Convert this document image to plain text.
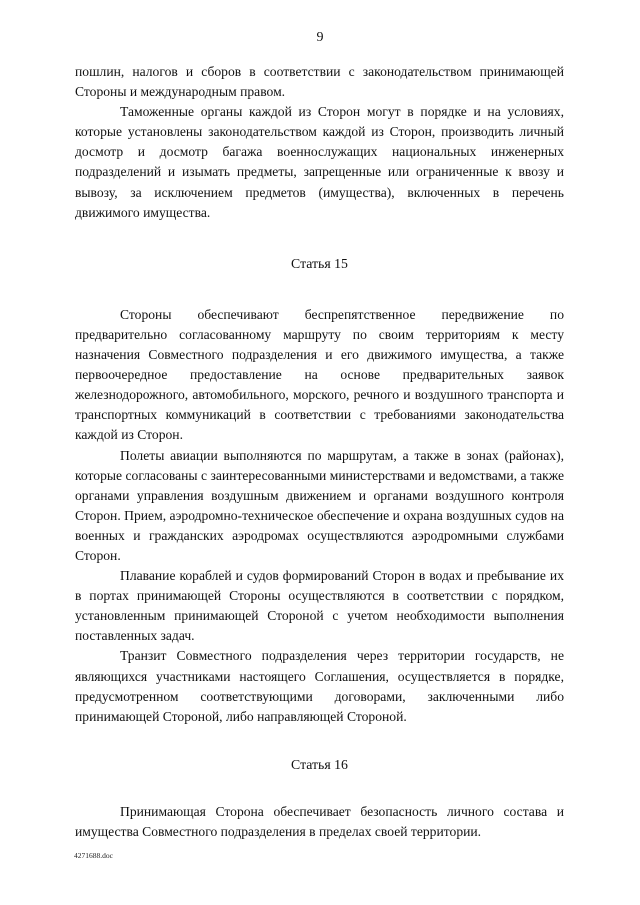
9

пошлин, налогов и сборов в соответствии с законодательством принимающей Стороны и международным правом.

Таможенные органы каждой из Сторон могут в порядке и на условиях, которые установлены законодательством каждой из Сторон, производить личный досмотр и досмотр багажа военнослужащих национальных инженерных подразделений и изымать предметы, запрещенные или ограниченные к ввозу и вывозу, за исключением предметов (имущества), включенных в перечень движимого имущества.

Статья 15

Стороны обеспечивают беспрепятственное передвижение по предварительно согласованному маршруту по своим территориям к месту назначения Совместного подразделения и его движимого имущества, а также первоочередное предоставление на основе предварительных заявок железнодорожного, автомобильного, морского, речного и воздушного транспорта и транспортных коммуникаций в соответствии с требованиями законодательства каждой из Сторон.

Полеты авиации выполняются по маршрутам, а также в зонах (районах), которые согласованы с заинтересованными министерствами и ведомствами, а также органами управления воздушным движением и органами воздушного контроля Сторон. Прием, аэродромно-техническое обеспечение и охрана воздушных судов на военных и гражданских аэродромах осуществляются аэродромными службами Сторон.

Плавание кораблей и судов формирований Сторон в водах и пребывание их в портах принимающей Стороны осуществляются в соответствии с порядком, установленным принимающей Стороной с учетом необходимости выполнения поставленных задач.

Транзит Совместного подразделения через территории государств, не являющихся участниками настоящего Соглашения, осуществляется в порядке, предусмотренном соответствующими договорами, заключенными либо принимающей Стороной, либо направляющей Стороной.

Статья 16

Принимающая Сторона обеспечивает безопасность личного состава и имущества Совместного подразделения в пределах своей территории.

4271688.doc
